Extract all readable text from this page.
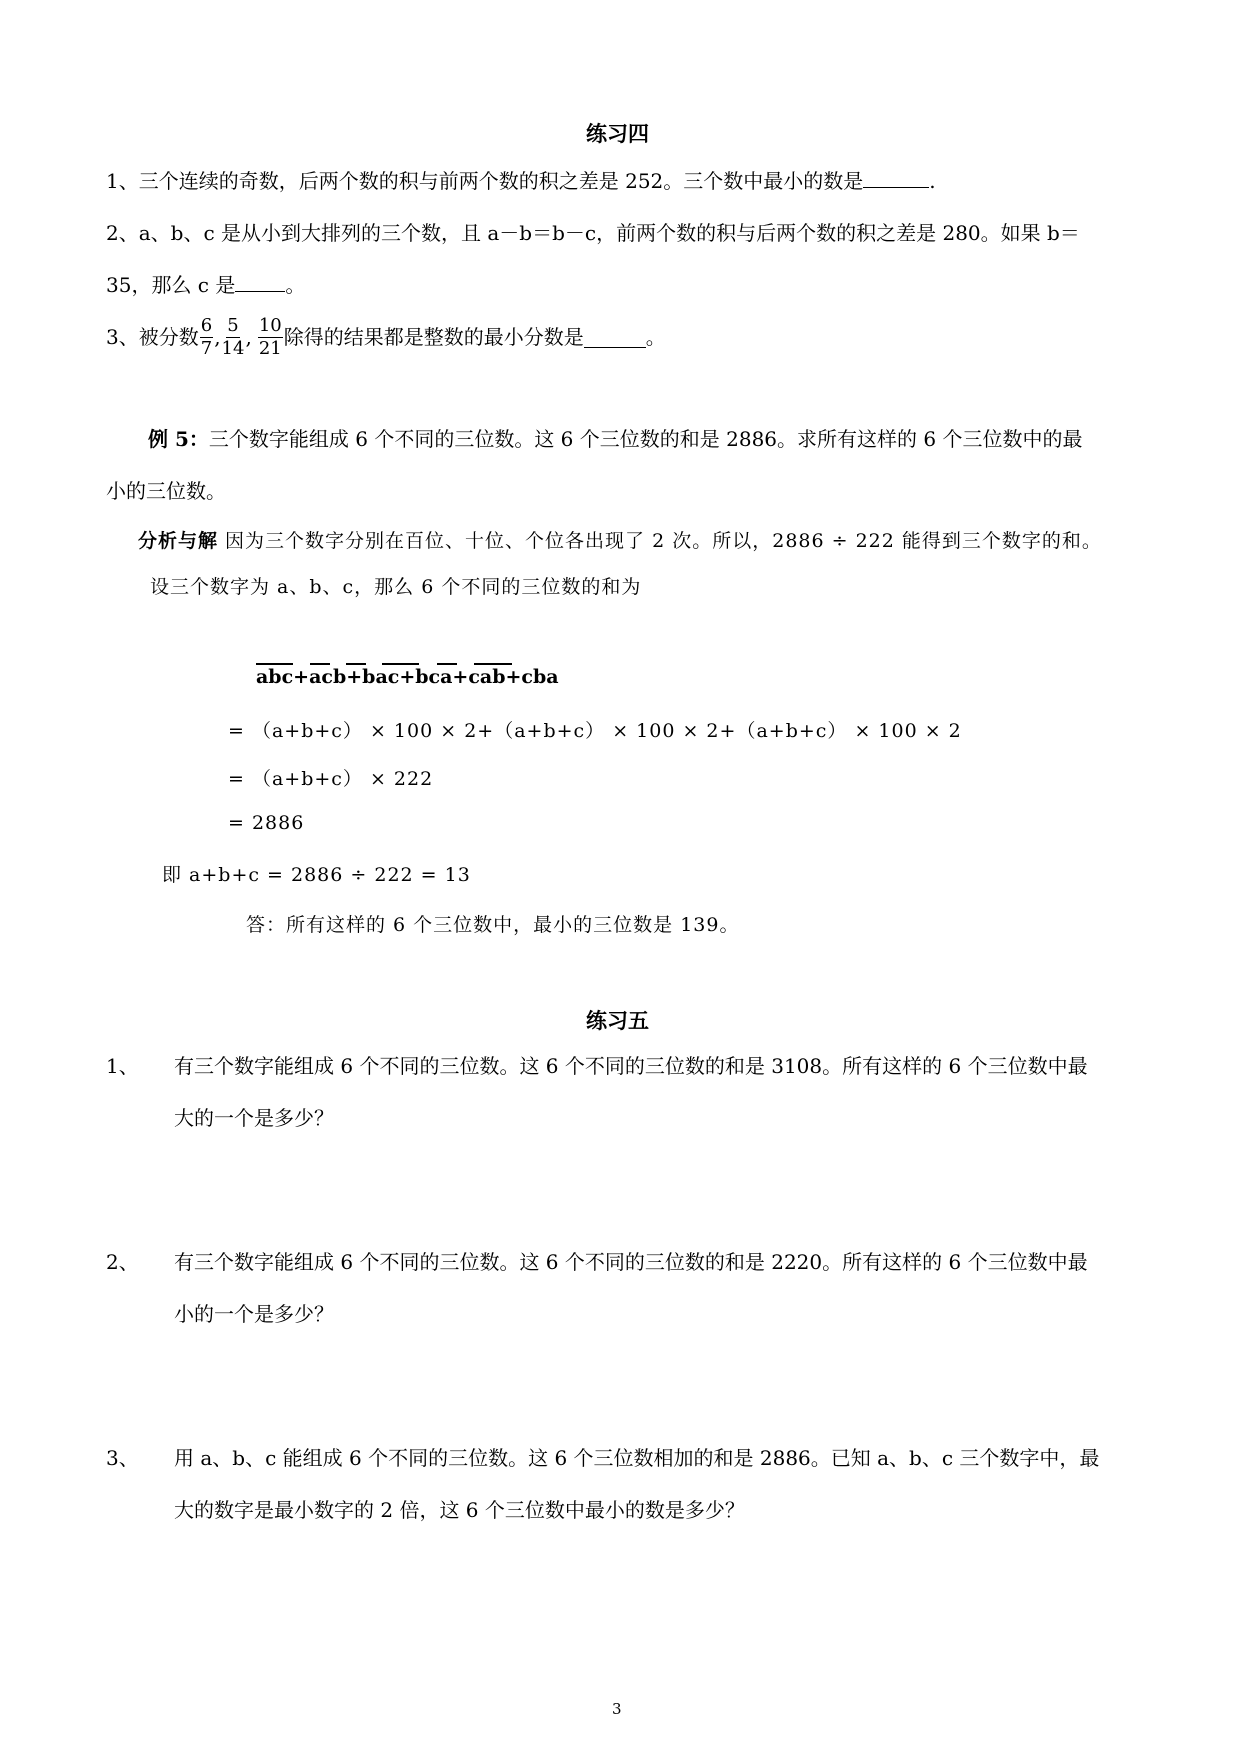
练习四
1、三个连续的奇数，后两个数的积与前两个数的积之差是 252。三个数中最小的数是	.
2、a、b、c 是从小到大排列的三个数，且 a－b＝b－c，前两个数的积与后两个数的积之差是 280。如果 b＝
35，那么 c 是	。
3、 被分数 $\frac{6}{7}$ , $\frac{5}{14}$ , $\frac{10}{21}$ 除得的结果都是整数的最小分数是	。
例 5：三个数字能组成 6 个不同的三位数。这 6 个三位数的和是 2886。求所有这样的 6 个三位数中的最
小的三位数。
分析与解 因为三个数字分别在百位、十位、个位各出现了 2 次。所以，2886 ÷ 222 能得到三个数字的和。
设三个数字为 a、b、c，那么 6 个不同的三位数的和为
abc+acb+bac+bca+cab+cba
= （a+b+c） × 100 × 2+（a+b+c） × 100 × 2+（a+b+c） × 100 × 2
= （a+b+c） × 222
= 2886
即 a+b+c = 2886 ÷ 222 = 13
答：所有这样的 6 个三位数中，最小的三位数是 139。
练习五
1、 有三个数字能组成 6 个不同的三位数。这 6 个不同的三位数的和是 3108。所有这样的 6 个三位数中最
大的一个是多少？
2、 有三个数字能组成 6 个不同的三位数。这 6 个不同的三位数的和是 2220。所有这样的 6 个三位数中最
小的一个是多少？
3、 用 a、b、c 能组成 6 个不同的三位数。这 6 个三位数相加的和是 2886。已知 a、b、c 三个数字中，最
大的数字是最小数字的 2 倍，这 6 个三位数中最小的数是多少？
3
